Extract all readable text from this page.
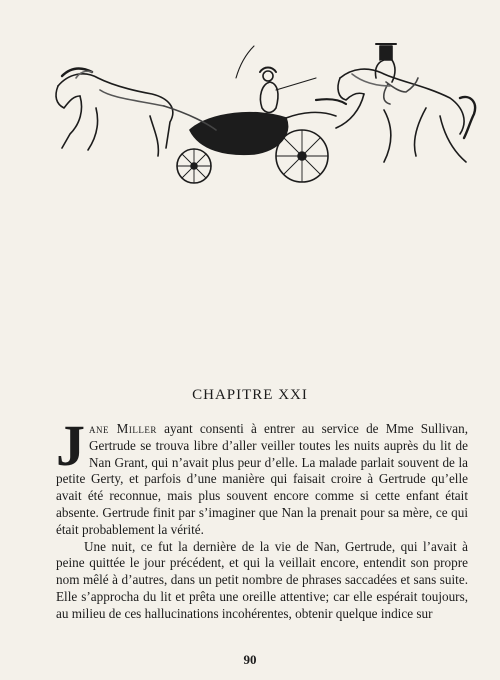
CHAPITRE XXI

Jane Miller ayant consenti à entrer au service de Mme Sullivan, Gertrude se trouva libre d’aller veiller toutes les nuits auprès du lit de Nan Grant, qui n’avait plus peur d’elle. La malade parlait souvent de la petite Gerty, et parfois d’une manière qui faisait croire à Gertrude qu’elle avait été reconnue, mais plus souvent encore comme si cette enfant était absente. Gertrude finit par s’imaginer que Nan la prenait pour sa mère, ce qui était probablement la vérité.

Une nuit, ce fut la dernière de la vie de Nan, Gertrude, qui l’avait à peine quittée le jour précédent, et qui la veillait encore, entendit son propre nom mêlé à d’autres, dans un petit nombre de phrases saccadées et sans suite. Elle s’approcha du lit et prêta une oreille attentive; car elle espérait toujours, au milieu de ces hallucinations incohérentes, obtenir quelque indice sur

90
